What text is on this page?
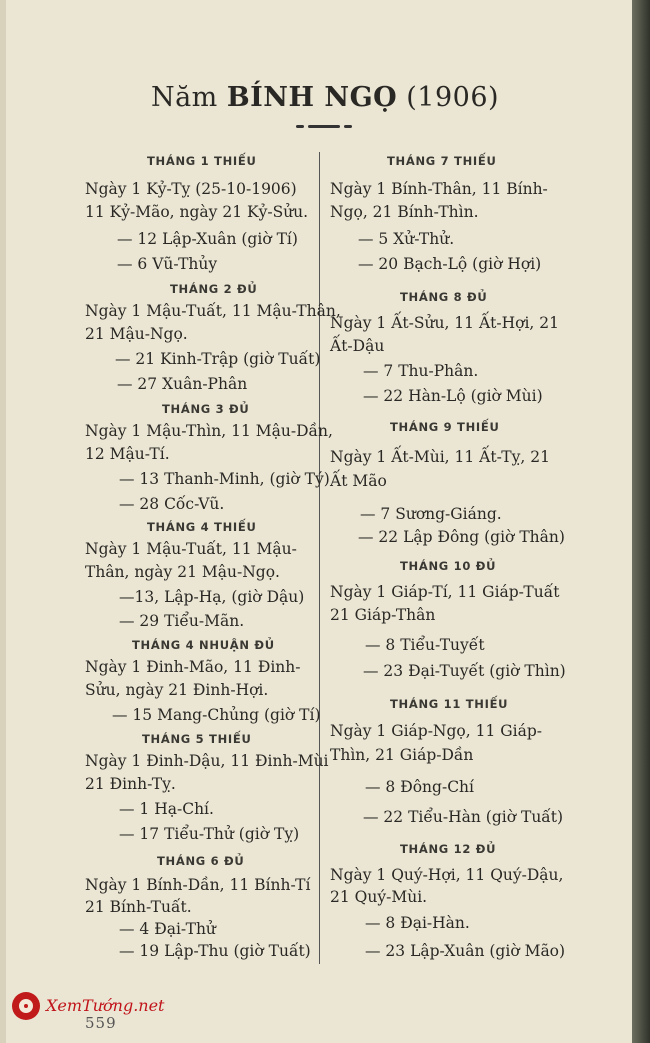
Năm BÍNH NGỌ (1906)
THÁNG 1 THIẾU
Ngày 1 Kỷ-Tỵ (25-10-1906)
11 Kỷ-Mão, ngày 21 Kỷ-Sửu.
— 12 Lập-Xuân (giờ Tí)
— 6 Vũ-Thủy
THÁNG 2 ĐỦ
Ngày 1 Mậu-Tuất, 11 Mậu-Thân,
21 Mậu-Ngọ.
— 21 Kinh-Trập (giờ Tuất)
— 27 Xuân-Phân
THÁNG 3 ĐỦ
Ngày 1 Mậu-Thìn, 11 Mậu-Dần,
12 Mậu-Tí.
— 13 Thanh-Minh, (giờ Tý)
— 28 Cốc-Vũ.
THÁNG 4 THIẾU
Ngày 1 Mậu-Tuất, 11 Mậu-
Thân, ngày 21 Mậu-Ngọ.
—13, Lập-Hạ, (giờ Dậu)
— 29 Tiểu-Mãn.
THÁNG 4 NHUẬN ĐỦ
Ngày 1 Đinh-Mão, 11 Đinh-
Sửu, ngày 21 Đinh-Hợi.
— 15 Mang-Chủng (giờ Tí)
THÁNG 5 THIẾU
Ngày 1 Đinh-Dậu, 11 Đinh-Mùi
21 Đinh-Tỵ.
— 1 Hạ-Chí.
— 17 Tiểu-Thử (giờ Tỵ)
THÁNG 6 ĐỦ
Ngày 1 Bính-Dần, 11 Bính-Tí
21 Bính-Tuất.
— 4 Đại-Thử
— 19 Lập-Thu (giờ Tuất)
THÁNG 7 THIẾU
Ngày 1 Bính-Thân, 11 Bính-
Ngọ, 21 Bính-Thìn.
— 5 Xử-Thử.
— 20 Bạch-Lộ (giờ Hợi)
THÁNG 8 ĐỦ
Ngày 1 Ất-Sửu, 11 Ất-Hợi, 21
Ất-Dậu
— 7 Thu-Phân.
— 22 Hàn-Lộ (giờ Mùi)
THÁNG 9 THIẾU
Ngày 1 Ất-Mùi, 11 Ất-Tỵ, 21
Ất Mão
— 7 Sương-Giáng.
— 22 Lập Đông (giờ Thân)
THÁNG 10 ĐỦ
Ngày 1 Giáp-Tí, 11 Giáp-Tuất
21 Giáp-Thân
— 8 Tiểu-Tuyết
— 23 Đại-Tuyết (giờ Thìn)
THÁNG 11 THIẾU
Ngày 1 Giáp-Ngọ, 11 Giáp-
Thìn, 21 Giáp-Dần
— 8 Đông-Chí
— 22 Tiểu-Hàn (giờ Tuất)
THÁNG 12 ĐỦ
Ngày 1 Quý-Hợi, 11 Quý-Dậu,
21 Quý-Mùi.
— 8 Đại-Hàn.
— 23 Lập-Xuân (giờ Mão)
XemTướng.net
559
